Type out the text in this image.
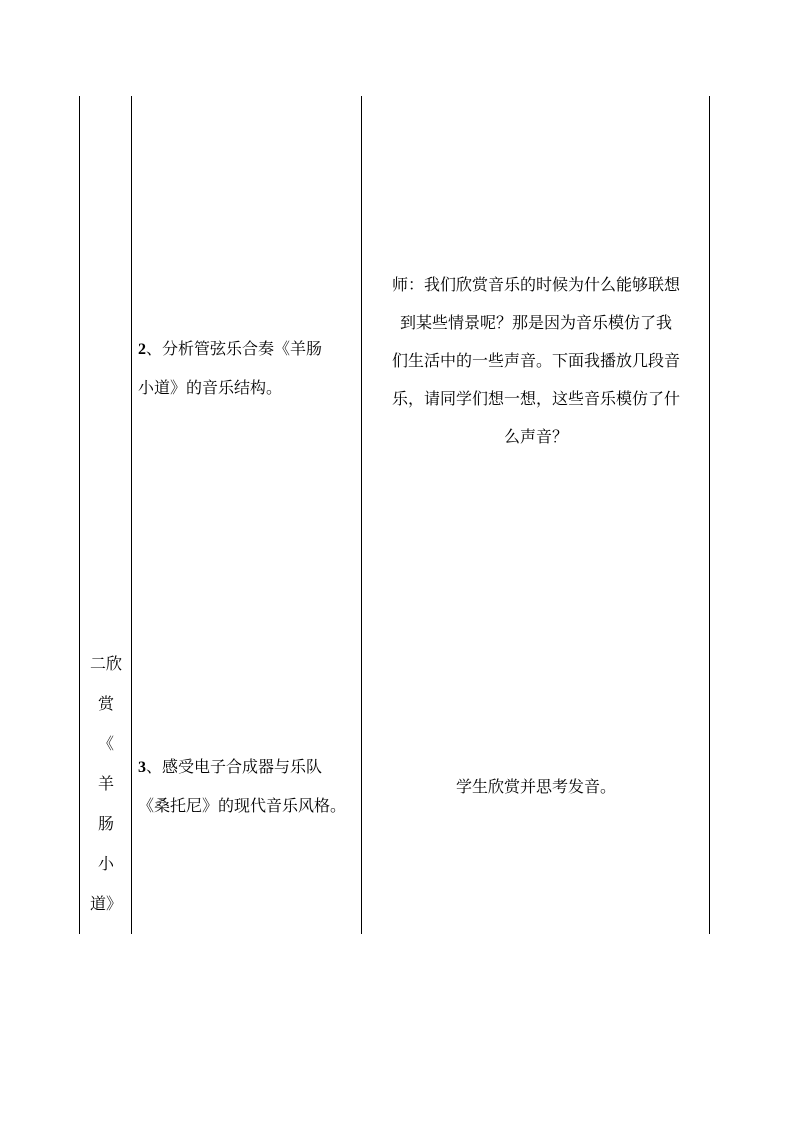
二欣
赏
《
羊
肠
小
道》
2、分析管弦乐合奏《羊肠
小道》的音乐结构。
师：我们欣赏音乐的时候为什么能够联想
到某些情景呢？那是因为音乐模仿了我
们生活中的一些声音。下面我播放几段音
乐，请同学们想一想，这些音乐模仿了什
么声音？
3、感受电子合成器与乐队
《桑托尼》的现代音乐风格。
学生欣赏并思考发音。
